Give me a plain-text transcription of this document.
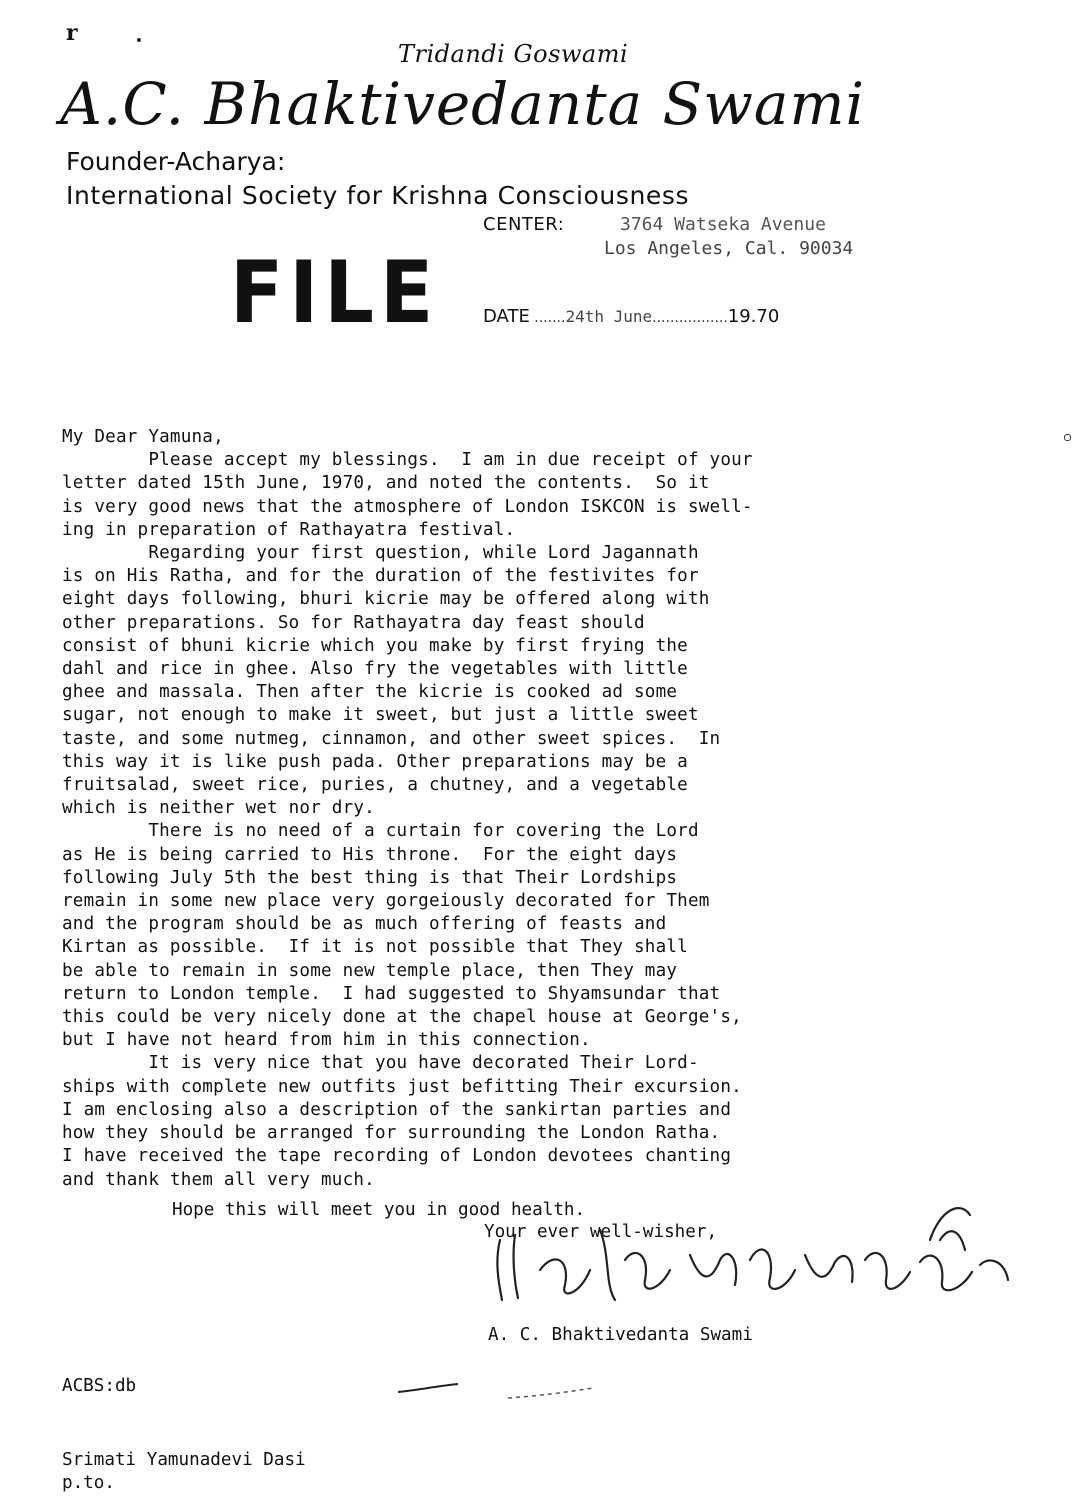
r
Tridandi Goswami
A.C. Bhaktivedanta Swami
Founder-Acharya:
International Society for Krishna Consciousness
CENTER:	3764 Watseka Avenue
Los Angeles, Cal. 90034
FILE DATE ....... 24th June ................. 19.70
My Dear Yamuna,
Please accept my blessings.  I am in due receipt of your
letter dated 15th June, 1970, and noted the contents.  So it
is very good news that the atmosphere of London ISKCON is swell-
ing in preparation of Rathayatra festival.
Regarding your first question, while Lord Jagannath
is on His Ratha, and for the duration of the festivites for
eight days following, bhuri kicrie may be offered along with
other preparations. So for Rathayatra day feast should
consist of bhuni kicrie which you make by first frying the
dahl and rice in ghee. Also fry the vegetables with little
ghee and massala. Then after the kicrie is cooked ad some
sugar, not enough to make it sweet, but just a little sweet
taste, and some nutmeg, cinnamon, and other sweet spices.  In
this way it is like push pada. Other preparations may be a
fruitsalad, sweet rice, puries, a chutney, and a vegetable
which is neither wet nor dry.
There is no need of a curtain for covering the Lord
as He is being carried to His throne.  For the eight days
following July 5th the best thing is that Their Lordships
remain in some new place very gorgeiously decorated for Them
and the program should be as much offering of feasts and
Kirtan as possible.  If it is not possible that They shall
be able to remain in some new temple place, then They may
return to London temple.  I had suggested to Shyamsundar that
this could be very nicely done at the chapel house at George's,
but I have not heard from him in this connection.
It is very nice that you have decorated Their Lord-
ships with complete new outfits just befitting Their excursion.
I am enclosing also a description of the sankirtan parties and
how they should be arranged for surrounding the London Ratha.
I have received the tape recording of London devotees chanting
and thank them all very much.
Hope this will meet you in good health.
Your ever well-wisher,
A. C. Bhaktivedanta Swami
ACBS:db
Srimati Yamunadevi Dasi
p.to.
